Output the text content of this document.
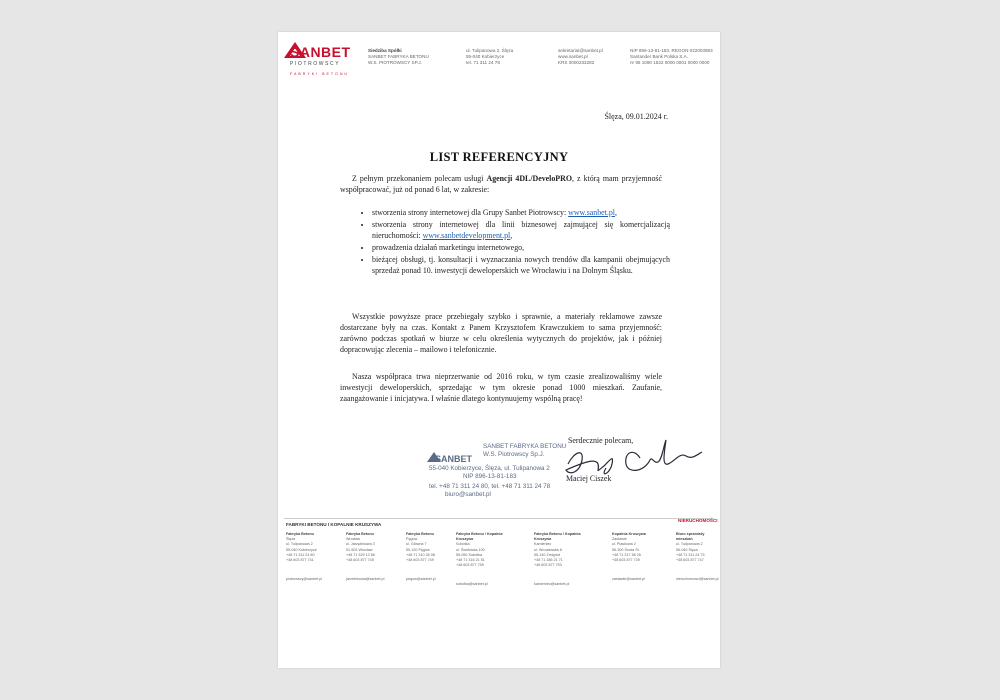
SANBET
PIOTROWSCY
FABRYKI BETONU
Siedziba Spółki
SANBET FABRYKA BETONU
W.S. PIOTROWSCY SP.J.
ul. Tulipanowa 2, Ślęza
55-040 Kobierzyce
tel. 71 311 24 78
sekretariat@sanbet.pl
www.sanbet.pl
KRS 0000233282
NIP 896-13-81-183, REGON 022003983
Santander Bank Polska S.A.
nr 95 1090 1522 0000 0001 0000 0000
Ślęza, 09.01.2024 r.
LIST REFERENCYJNY
Z pełnym przekonaniem polecam usługi Agencji 4DL/DeveloPRO, z którą mam przyjemność współpracować, już od ponad 6 lat, w zakresie:
• stworzenia strony internetowej dla Grupy Sanbet Piotrowscy: www.sanbet.pl,
• stworzenia strony internetowej dla linii biznesowej zajmującej się komercjalizacją nieruchomości: www.sanbetdevelopment.pl,
• prowadzenia działań marketingu internetowego,
• bieżącej obsługi, tj. konsultacji i wyznaczania nowych trendów dla kampanii obejmujących sprzedaż ponad 10. inwestycji deweloperskich we Wrocławiu i na Dolnym Śląsku.
Wszystkie powyższe prace przebiegały szybko i sprawnie, a materiały reklamowe zawsze dostarczane były na czas. Kontakt z Panem Krzysztofem Krawczukiem to sama przyjemność: zarówno podczas spotkań w biurze w celu określenia wytycznych do projektów, jak i później dopracowując zlecenia – mailowo i telefonicznie.
Nasza współpraca trwa nieprzerwanie od 2016 roku, w tym czasie zrealizowaliśmy wiele inwestycji deweloperskich, sprzedając w tym okresie ponad 1000 mieszkań. Zaufanie, zaangażowanie i inicjatywa. I właśnie dlatego kontynuujemy wspólną pracę!
Serdecznie polecam,
SANBET
SANBET FABRYKA BETONU
W.S. Piotrowscy Sp.J.
55-040 Kobierzyce, Ślęza, ul. Tulipanowa 2
NIP 896-13-81-183
tel. +48 71 311 24 80, tel. +48 71 311 24 78
biuro@sanbet.pl
Maciej Ciszek
FABRYKI BETONU I KOPALNIE KRUSZYWA
NIERUCHOMOŚCI
Fabryka Betonu
Ślęza
ul. Tulipanowa 2
55-040 Kobierzyce
+48 71 311 24 80
+48 603 877 741
piotrowscy@sanbet.pl
Fabryka Betonu
Wrocław
ul. Jarzębinowa 3
51-503 Wrocław
+48 71 329 13 66
+48 603 877 745
jarzebinowa@sanbet.pl
Fabryka Betonu
Pęgów
ul. Główna 7
55-120 Pęgów
+48 71 310 35 08
+48 603 877 749
pegow@sanbet.pl
Fabryka Betonu / Kopalnia Kruszywa
Sobótka
ul. Świdnicka 100
55-050 Sobótka
+48 71 316 21 51
+48 603 877 755
sobotka@sanbet.pl
Fabryka Betonu / Kopalnia Kruszywa
Kamieniec
ul. Wrocławska 8
55-140 Żmigród
+48 71 385 21 71
+48 603 877 753
kamieniec@sanbet.pl
Kopalnia Kruszywa
Zastawie
ul. Piaskowa 2
55-300 Środa Śl.
+48 71 317 58 25
+48 603 877 739
zastawie@sanbet.pl
Biuro sprzedaży mieszkań
ul. Tulipanowa 2
55-040 Ślęza
+48 71 311 24 75
+48 603 877 747
nieruchomosci@sanbet.pl
